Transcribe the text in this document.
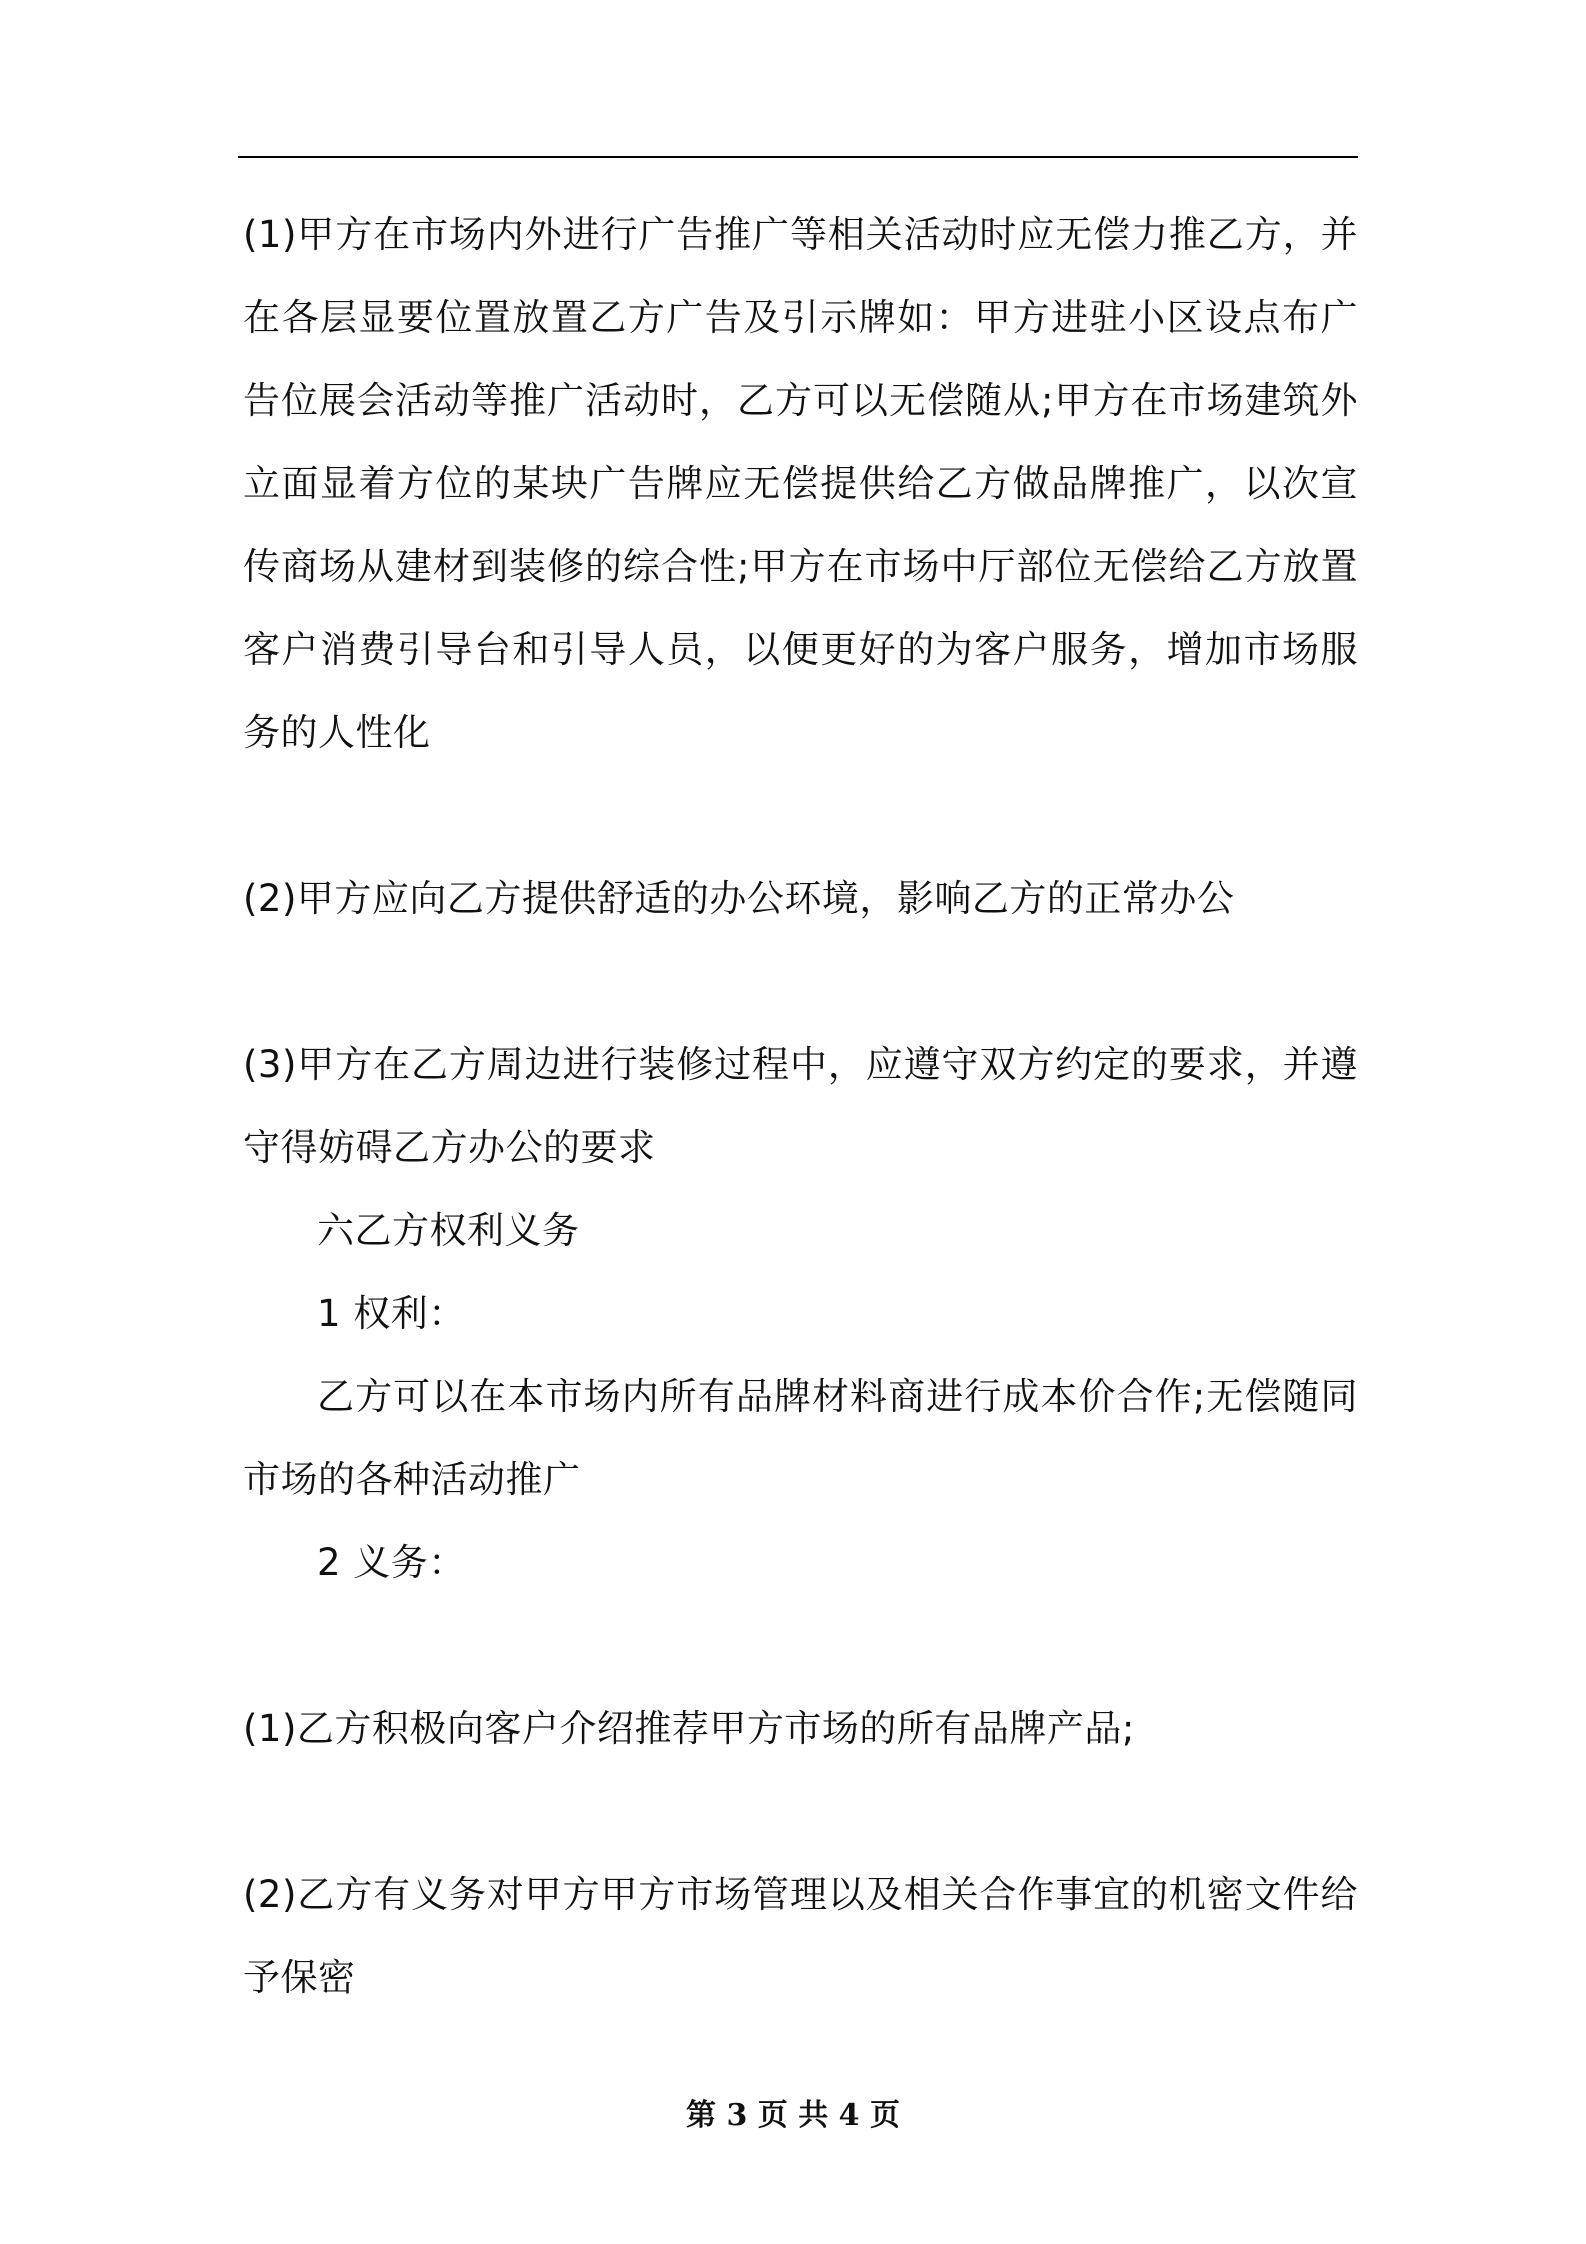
(1)甲方在市场内外进行广告推广等相关活动时应无偿力推乙方，并在各层显要位置放置乙方广告及引示牌如：甲方进驻小区设点布广告位展会活动等推广活动时，乙方可以无偿随从;甲方在市场建筑外立面显着方位的某块广告牌应无偿提供给乙方做品牌推广，以次宣传商场从建材到装修的综合性;甲方在市场中厅部位无偿给乙方放置客户消费引导台和引导人员，以便更好的为客户服务，增加市场服务的人性化

(2)甲方应向乙方提供舒适的办公环境，影响乙方的正常办公

(3)甲方在乙方周边进行装修过程中，应遵守双方约定的要求，并遵守得妨碍乙方办公的要求

六乙方权利义务

1 权利：

乙方可以在本市场内所有品牌材料商进行成本价合作;无偿随同市场的各种活动推广

2 义务：

(1)乙方积极向客户介绍推荐甲方市场的所有品牌产品;

(2)乙方有义务对甲方甲方市场管理以及相关合作事宜的机密文件给予保密

第 3 页 共 4 页
